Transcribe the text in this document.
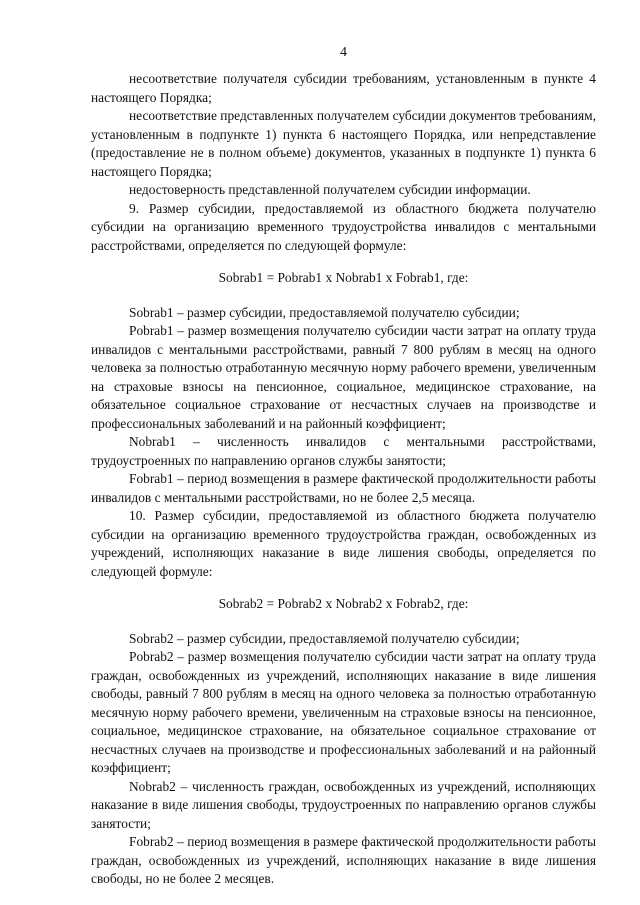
4

несоответствие получателя субсидии требованиям, установленным в пункте 4 настоящего Порядка;

несоответствие представленных получателем субсидии документов требованиям, установленным в подпункте 1) пункта 6 настоящего Порядка, или непредставление (предоставление не в полном объеме) документов, указанных в подпункте 1) пункта 6 настоящего Порядка;

недостоверность представленной получателем субсидии информации.

9. Размер субсидии, предоставляемой из областного бюджета получателю субсидии на организацию временного трудоустройства инвалидов с ментальными расстройствами, определяется по следующей формуле:

Sobrab1 = Pobrab1 x Nobrab1 x Fobrab1, где:

Sobrab1 – размер субсидии, предоставляемой получателю субсидии;

Pobrab1 – размер возмещения получателю субсидии части затрат на оплату труда инвалидов с ментальными расстройствами, равный 7 800 рублям в месяц на одного человека за полностью отработанную месячную норму рабочего времени, увеличенным на страховые взносы на пенсионное, социальное, медицинское страхование, на обязательное социальное страхование от несчастных случаев на производстве и профессиональных заболеваний и на районный коэффициент;

Nobrab1 – численность инвалидов с ментальными расстройствами, трудоустроенных по направлению органов службы занятости;

Fobrab1 – период возмещения в размере фактической продолжительности работы инвалидов с ментальными расстройствами, но не более 2,5 месяца.

10. Размер субсидии, предоставляемой из областного бюджета получателю субсидии на организацию временного трудоустройства граждан, освобожденных из учреждений, исполняющих наказание в виде лишения свободы, определяется по следующей формуле:

Sobrab2 = Pobrab2 x Nobrab2 x Fobrab2, где:

Sobrab2 – размер субсидии, предоставляемой получателю субсидии;

Pobrab2 – размер возмещения получателю субсидии части затрат на оплату труда граждан, освобожденных из учреждений, исполняющих наказание в виде лишения свободы, равный 7 800 рублям в месяц на одного человека за полностью отработанную месячную норму рабочего времени, увеличенным на страховые взносы на пенсионное, социальное, медицинское страхование, на обязательное социальное страхование от несчастных случаев на производстве и профессиональных заболеваний и на районный коэффициент;

Nobrab2 – численность граждан, освобожденных из учреждений, исполняющих наказание в виде лишения свободы, трудоустроенных по направлению органов службы занятости;

Fobrab2 – период возмещения в размере фактической продолжительности работы граждан, освобожденных из учреждений, исполняющих наказание в виде лишения свободы, но не более 2 месяцев.
